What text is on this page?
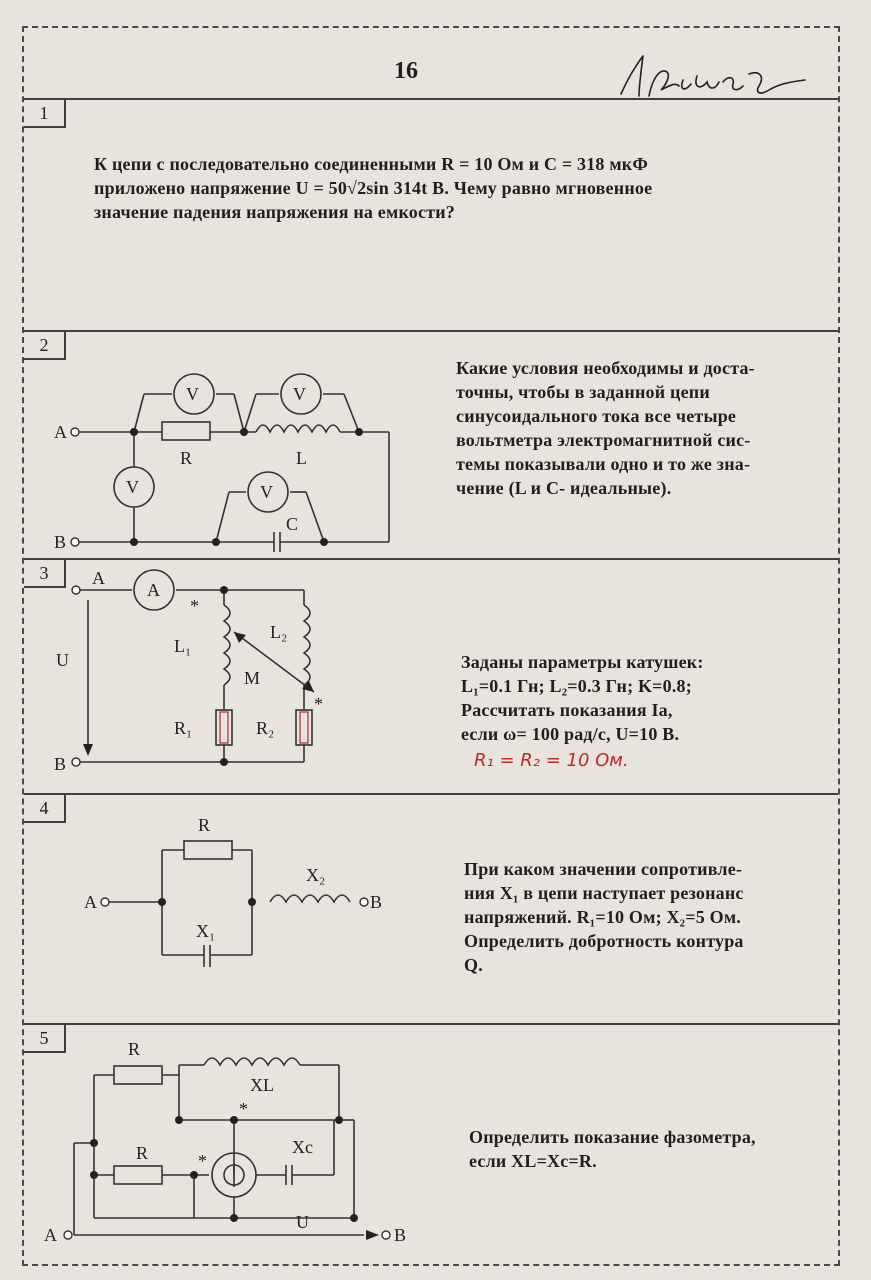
16
1
К цепи с последовательно соединенными R = 10 Ом и C = 318 мкФ
приложено напряжение U = 50√2sin 314t В. Чему равно мгновенное
значение падения напряжения на емкости?
2
A
B
R	L
C
V	V
V	V
Какие условия необходимы и доста-
точны, чтобы в заданной цепи
синусоидального тока все четыре
вольтметра электромагнитной сис-
темы показывали одно и то же зна-
чение (L и C- идеальные).
3	A
B
U
A
L₁
L₂
M
R₁	R₂
*
*
Заданы параметры катушек:
L₁=0.1 Гн; L₂=0.3 Гн; K=0.8;
Рассчитать показания Iа,
если ω= 100 рад/с, U=10 В.
R₁ = R₂ = 10 Ом.
4
A	B
R
X₁
X₂	При каком значении сопротивле-
ния X₁ в цепи наступает резонанс
напряжений. R₁=10 Ом; X₂=5 Ом.
Определить добротность контура
Q.
5
A	B
R
R
XL
Xc
U
*
*
Определить показание фазометра,
если XL=Xc=R.
